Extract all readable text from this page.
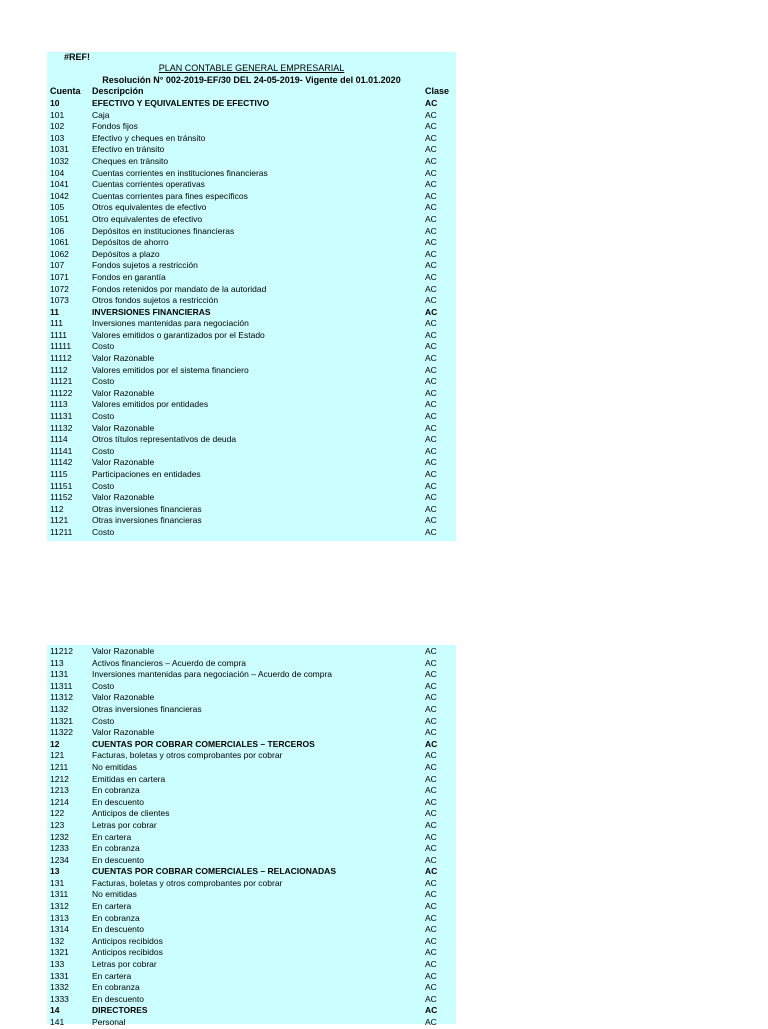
#REF!
PLAN CONTABLE GENERAL EMPRESARIAL
Resolución N° 002-2019-EF/30 DEL 24-05-2019- Vigente del 01.01.2020
Cuenta Descripción	Clase
10	EFECTIVO Y EQUIVALENTES DE EFECTIVO	AC
101	Caja	AC
102	Fondos fijos	AC
103	Efectivo y cheques en tránsito	AC
1031	Efectivo en tránsito	AC
1032	Cheques en tránsito	AC
104	Cuentas corrientes en instituciones financieras	AC
1041	Cuentas corrientes operativas	AC
1042	Cuentas corrientes para fines específicos	AC
105	Otros equivalentes de efectivo	AC
1051	Otro equivalentes de efectivo	AC
106	Depósitos en instituciones financieras	AC
1061	Depósitos de ahorro	AC
1062	Depósitos a plazo	AC
107	Fondos sujetos a restricción	AC
1071	Fondos en garantía	AC
1072	Fondos retenidos por mandato de la autoridad	AC
1073	Otros fondos sujetos a restricción	AC
11	INVERSIONES FINANCIERAS	AC
111	Inversiones mantenidas para negociación	AC
1111	Valores emitidos o garantizados por el Estado	AC
11111 Costo	AC
11112 Valor Razonable	AC
1112	Valores emitidos por el sistema financiero	AC
11121 Costo	AC
11122 Valor Razonable	AC
1113	Valores emitidos por entidades	AC
11131 Costo	AC
11132 Valor Razonable	AC
1114	Otros títulos representativos de deuda	AC
11141 Costo	AC
11142 Valor Razonable	AC
1115	Participaciones en entidades	AC
11151 Costo	AC
11152 Valor Razonable	AC
112	Otras inversiones financieras	AC
1121	Otras inversiones financieras	AC
11211 Costo	AC
11212 Valor Razonable	AC
113	Activos financieros – Acuerdo de compra	AC
1131	Inversiones mantenidas para negociación – Acuerdo de compra	AC
11311 Costo	AC
11312 Valor Razonable	AC
1132	Otras inversiones financieras	AC
11321 Costo	AC
11322 Valor Razonable	AC
12	CUENTAS POR COBRAR COMERCIALES – TERCEROS	AC
121	Facturas, boletas y otros comprobantes por cobrar	AC
1211	No emitidas	AC
1212	Emitidas en cartera	AC
1213	En cobranza	AC
1214	En descuento	AC
122	Anticipos de clientes	AC
123	Letras por cobrar	AC
1232	En cartera	AC
1233	En cobranza	AC
1234	En descuento	AC
13	CUENTAS POR COBRAR COMERCIALES – RELACIONADAS	AC
131	Facturas, boletas y otros comprobantes por cobrar	AC
1311	No emitidas	AC
1312	En cartera	AC
1313	En cobranza	AC
1314	En descuento	AC
132	Anticipos recibidos	AC
1321	Anticipos recibidos	AC
133	Letras por cobrar	AC
1331	En cartera	AC
1332	En cobranza	AC
1333	En descuento	AC
14	DIRECTORES	AC
141	Personal	AC
